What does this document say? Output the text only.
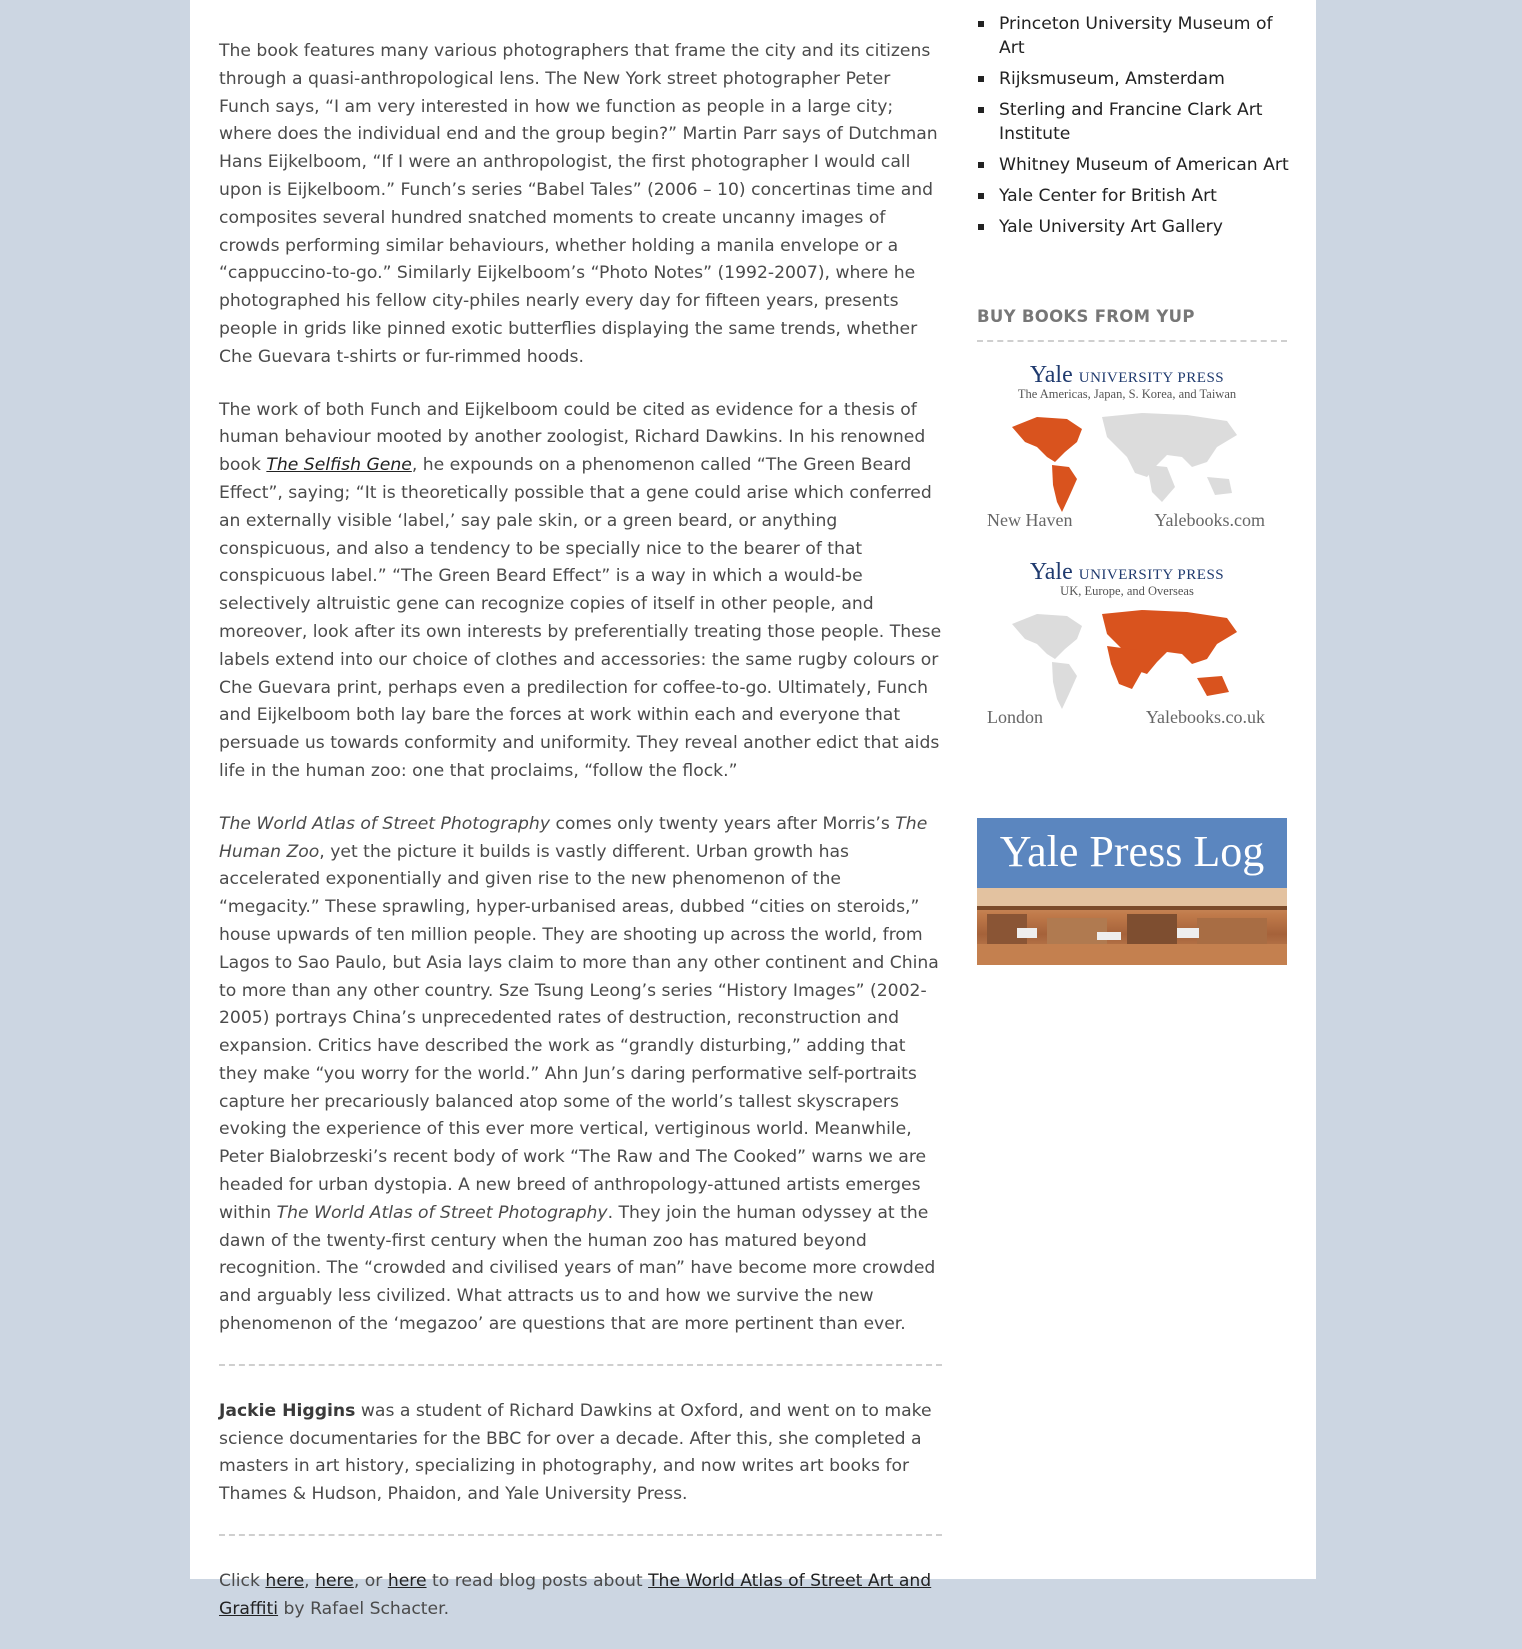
The book features many various photographers that frame the city and its citizens through a quasi-anthropological lens. The New York street photographer Peter Funch says, “I am very interested in how we function as people in a large city; where does the individual end and the group begin?” Martin Parr says of Dutchman Hans Eijkelboom, “If I were an anthropologist, the first photographer I would call upon is Eijkelboom.” Funch’s series “Babel Tales” (2006 – 10) concertinas time and composites several hundred snatched moments to create uncanny images of crowds performing similar behaviours, whether holding a manila envelope or a “cappuccino-to-go.” Similarly Eijkelboom’s “Photo Notes” (1992-2007), where he photographed his fellow city-philes nearly every day for fifteen years, presents people in grids like pinned exotic butterflies displaying the same trends, whether Che Guevara t-shirts or fur-rimmed hoods.

The work of both Funch and Eijkelboom could be cited as evidence for a thesis of human behaviour mooted by another zoologist, Richard Dawkins. In his renowned book The Selfish Gene, he expounds on a phenomenon called “The Green Beard Effect”, saying; “It is theoretically possible that a gene could arise which conferred an externally visible ‘label,’ say pale skin, or a green beard, or anything conspicuous, and also a tendency to be specially nice to the bearer of that conspicuous label.” “The Green Beard Effect” is a way in which a would-be selectively altruistic gene can recognize copies of itself in other people, and moreover, look after its own interests by preferentially treating those people. These labels extend into our choice of clothes and accessories: the same rugby colours or Che Guevara print, perhaps even a predilection for coffee-to-go. Ultimately, Funch and Eijkelboom both lay bare the forces at work within each and everyone that persuade us towards conformity and uniformity. They reveal another edict that aids life in the human zoo: one that proclaims, “follow the flock.”

The World Atlas of Street Photography comes only twenty years after Morris’s The Human Zoo, yet the picture it builds is vastly different. Urban growth has accelerated exponentially and given rise to the new phenomenon of the “megacity.” These sprawling, hyper-urbanised areas, dubbed “cities on steroids,” house upwards of ten million people. They are shooting up across the world, from Lagos to Sao Paulo, but Asia lays claim to more than any other continent and China to more than any other country. Sze Tsung Leong’s series “History Images” (2002-2005) portrays China’s unprecedented rates of destruction, reconstruction and expansion. Critics have described the work as “grandly disturbing,” adding that they make “you worry for the world.” Ahn Jun’s daring performative self-portraits capture her precariously balanced atop some of the world’s tallest skyscrapers evoking the experience of this ever more vertical, vertiginous world. Meanwhile, Peter Bialobrzeski’s recent body of work “The Raw and The Cooked” warns we are headed for urban dystopia. A new breed of anthropology-attuned artists emerges within The World Atlas of Street Photography. They join the human odyssey at the dawn of the twenty-first century when the human zoo has matured beyond recognition. The “crowded and civilised years of man” have become more crowded and arguably less civilized. What attracts us to and how we survive the new phenomenon of the ‘megazoo’ are questions that are more pertinent than ever.

Jackie Higgins was a student of Richard Dawkins at Oxford, and went on to make science documentaries for the BBC for over a decade. After this, she completed a masters in art history, specializing in photography, and now writes art books for Thames & Hudson, Phaidon, and Yale University Press.

Click here, here, or here to read blog posts about The World Atlas of Street Art and Graffiti by Rafael Schacter.

Princeton University Museum of Art
Rijksmuseum, Amsterdam
Sterling and Francine Clark Art Institute
Whitney Museum of American Art
Yale Center for British Art
Yale University Art Gallery
BUY BOOKS FROM YUP
Yale UNIVERSITY PRESS
The Americas, Japan, S. Korea, and Taiwan
New Haven	Yalebooks.com
Yale UNIVERSITY PRESS
UK, Europe, and Overseas
London	Yalebooks.co.uk
Yale Press Log
